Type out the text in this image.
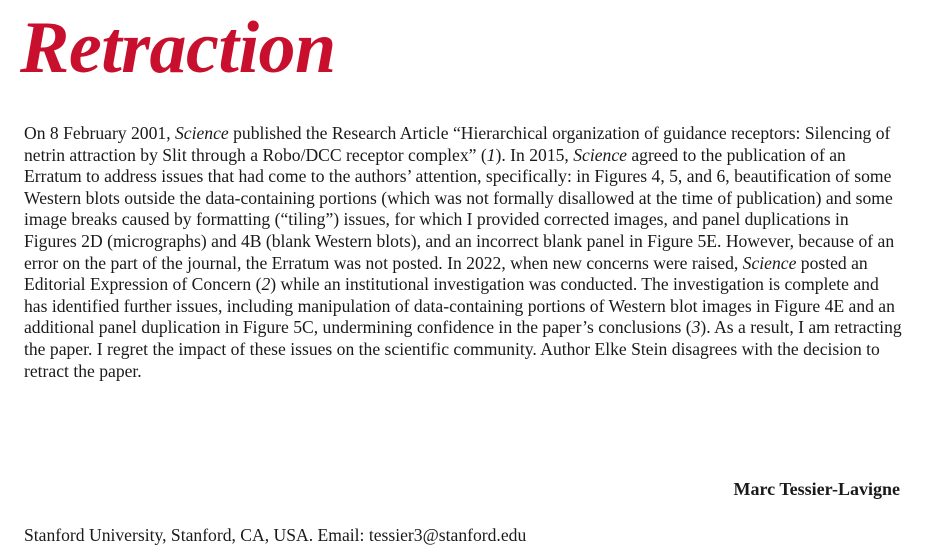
Retraction

On 8 February 2001, Science published the Research Article “Hierarchical organization of guidance receptors: Silencing of netrin attraction by Slit through a Robo/DCC receptor complex” (1). In 2015, Science agreed to the publication of an Erratum to address issues that had come to the authors’ attention, specifically: in Figures 4, 5, and 6, beautification of some Western blots outside the data-containing portions (which was not formally disallowed at the time of publication) and some image breaks caused by formatting (“tiling”) issues, for which I provided corrected images, and panel duplications in Figures 2D (micrographs) and 4B (blank Western blots), and an incorrect blank panel in Figure 5E. However, because of an error on the part of the journal, the Erratum was not posted. In 2022, when new concerns were raised, Science posted an Editorial Expression of Concern (2) while an institutional investigation was conducted. The investigation is complete and has identified further issues, including manipulation of data-containing portions of Western blot images in Figure 4E and an additional panel duplication in Figure 5C, undermining confidence in the paper’s conclusions (3). As a result, I am retracting the paper. I regret the impact of these issues on the scientific community. Author Elke Stein disagrees with the decision to retract the paper.

Marc Tessier-Lavigne

Stanford University, Stanford, CA, USA. Email: tessier3@stanford.edu
